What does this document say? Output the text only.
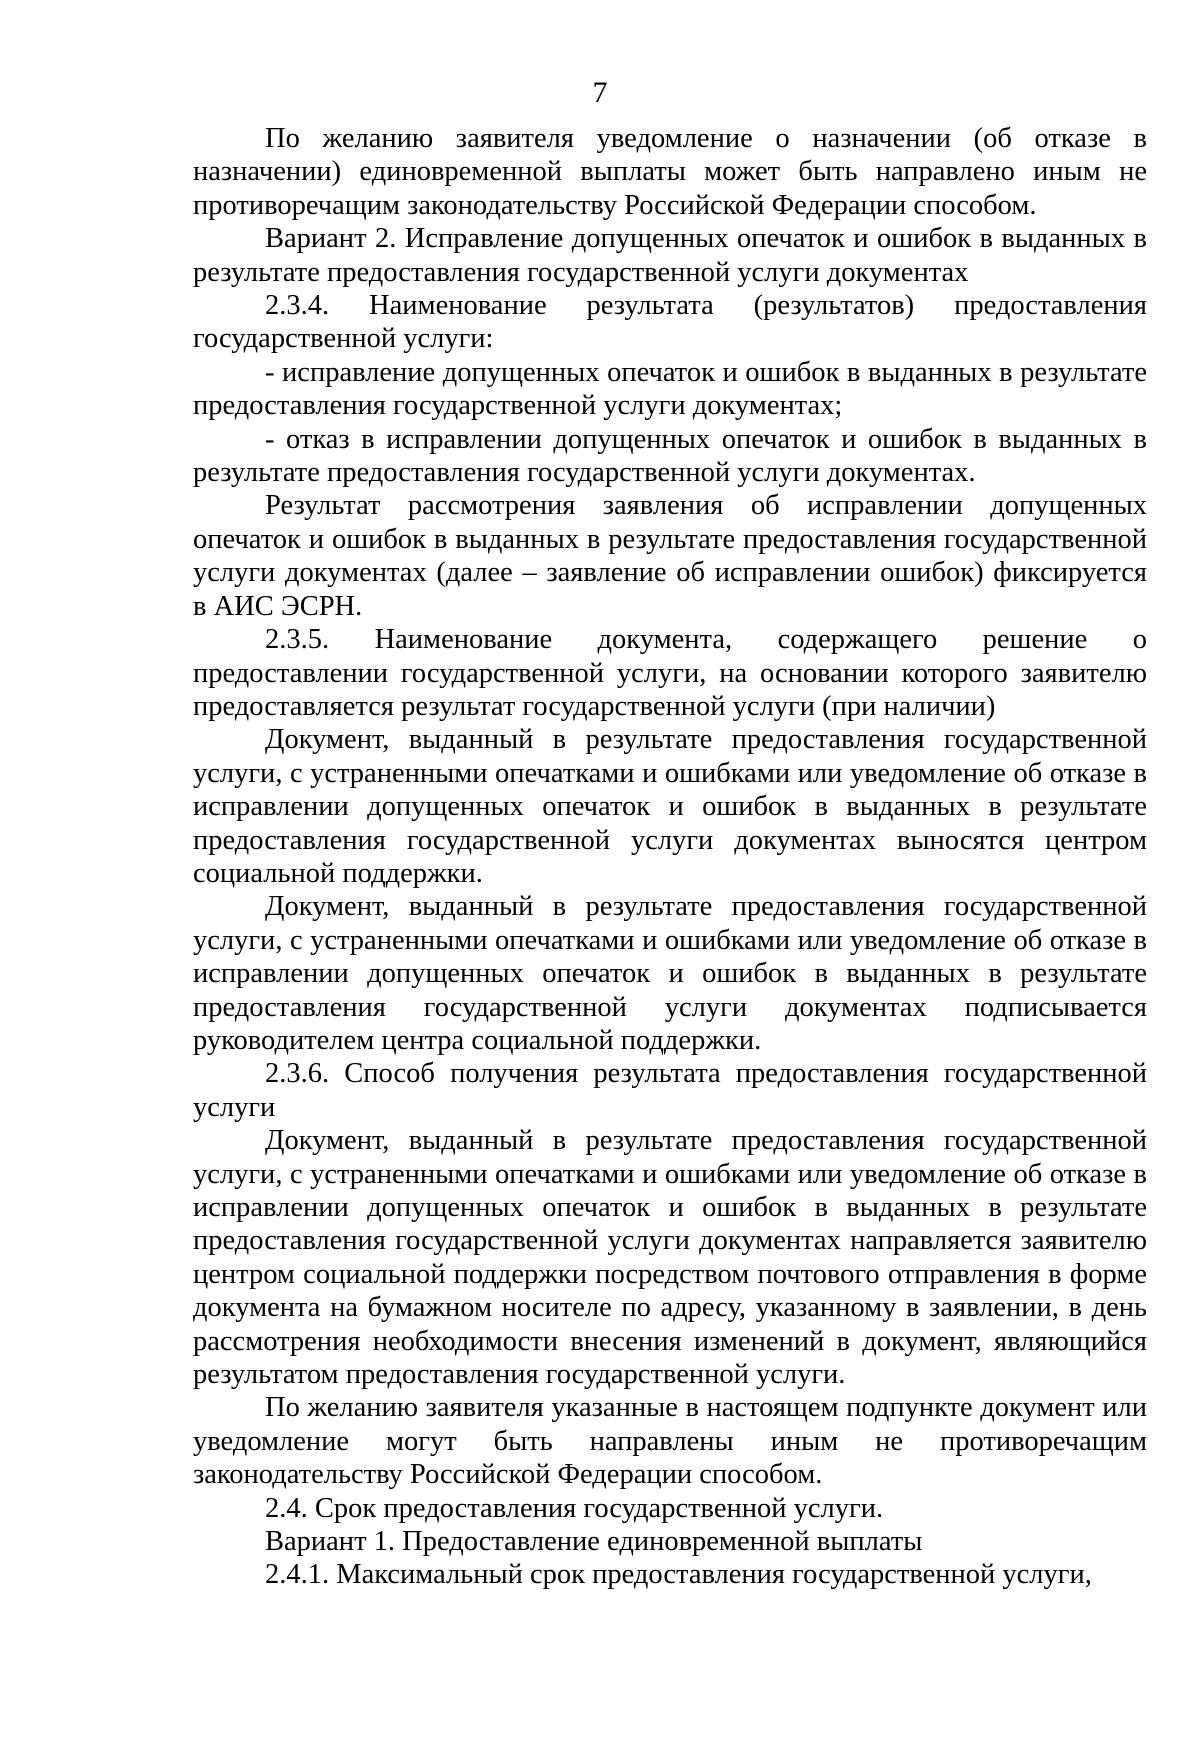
7

По желанию заявителя уведомление о назначении (об отказе в назначении) единовременной выплаты может быть направлено иным не противоречащим законодательству Российской Федерации способом.

Вариант 2. Исправление допущенных опечаток и ошибок в выданных в результате предоставления государственной услуги документах

2.3.4. Наименование результата (результатов) предоставления государственной услуги:

- исправление допущенных опечаток и ошибок в выданных в результате предоставления государственной услуги документах;

- отказ в исправлении допущенных опечаток и ошибок в выданных в результате предоставления государственной услуги документах.

Результат рассмотрения заявления об исправлении допущенных опечаток и ошибок в выданных в результате предоставления государственной услуги документах (далее – заявление об исправлении ошибок) фиксируется в АИС ЭСРН.

2.3.5. Наименование документа, содержащего решение о предоставлении государственной услуги, на основании которого заявителю предоставляется результат государственной услуги (при наличии)

Документ, выданный в результате предоставления государственной услуги, с устраненными опечатками и ошибками или уведомление об отказе в исправлении допущенных опечаток и ошибок в выданных в результате предоставления государственной услуги документах выносятся центром социальной поддержки.

Документ, выданный в результате предоставления государственной услуги, с устраненными опечатками и ошибками или уведомление об отказе в исправлении допущенных опечаток и ошибок в выданных в результате предоставления государственной услуги документах подписывается руководителем центра социальной поддержки.

2.3.6. Способ получения результата предоставления государственной услуги

Документ, выданный в результате предоставления государственной услуги, с устраненными опечатками и ошибками или уведомление об отказе в исправлении допущенных опечаток и ошибок в выданных в результате предоставления государственной услуги документах направляется заявителю центром социальной поддержки посредством почтового отправления в форме документа на бумажном носителе по адресу, указанному в заявлении, в день рассмотрения необходимости внесения изменений в документ, являющийся результатом предоставления государственной услуги.

По желанию заявителя указанные в настоящем подпункте документ или уведомление могут быть направлены иным не противоречащим законодательству Российской Федерации способом.

2.4. Срок предоставления государственной услуги.

Вариант 1. Предоставление единовременной выплаты

2.4.1. Максимальный срок предоставления государственной услуги,
